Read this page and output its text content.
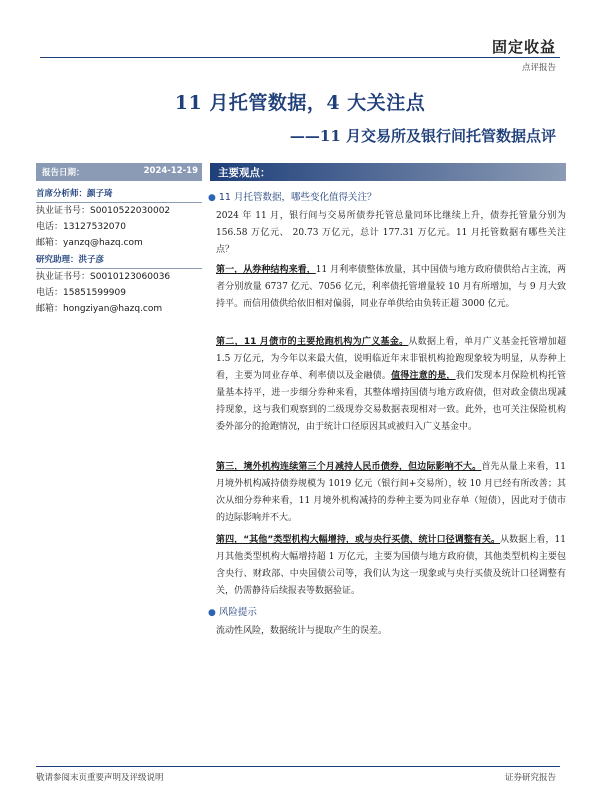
固定收益
点评报告
11 月托管数据，4 大关注点
——11 月交易所及银行间托管数据点评
报告日期：	2024-12-19
首席分析师：颜子琦
执业证书号：S0010522030002
电话：13127532070
邮箱：yanzq@hazq.com
研究助理：洪子彦
执业证书号：S0010123060036
电话：15851599909
邮箱：hongziyan@hazq.com
主要观点：
● 11 月托管数据，哪些变化值得关注？
2024 年 11 月，银行间与交易所债券托管总量同环比继续上升，债券托管量分别为 156.58 万亿元、 20.73 万亿元，总计 177.31 万亿元。11 月托管数据有哪些关注点？
第一，从券种结构来看，11 月利率债整体放量，其中国债与地方政府债供给占主流，两者分别放量 6737 亿元、7056 亿元，利率债托管增量较 10 月有所增加，与 9 月大致持平。而信用债供给依旧相对偏弱，同业存单供给由负转正超 3000 亿元。
第二，11 月债市的主要抢跑机构为广义基金。从数据上看，单月广义基金托管增加超 1.5 万亿元，为今年以来最大值，说明临近年末非银机构抢跑现象较为明显，从券种上看，主要为同业存单、利率债以及金融债。值得注意的是，我们发现本月保险机构托管量基本持平，进一步细分券种来看，其整体增持国债与地方政府债，但对政金债出现减持现象，这与我们观察到的二级现券交易数据表现相对一致。此外，也可关注保险机构委外部分的抢跑情况，由于统计口径原因其或被归入广义基金中。
第三，境外机构连续第三个月减持人民币债券，但边际影响不大。首先从量上来看，11 月境外机构减持债券规模为 1019 亿元（银行间+交易所），较 10 月已经有所改善；其次从细分券种来看，11 月境外机构减持的券种主要为同业存单（短债），因此对于债市的边际影响并不大。
第四，“其他”类型机构大幅增持，或与央行买债、统计口径调整有关。从数据上看，11 月其他类型机构大幅增持超 1 万亿元，主要为国债与地方政府债，其他类型机构主要包含央行、财政部、中央国债公司等，我们认为这一现象或与央行买债及统计口径调整有关，仍需静待后续报表等数据验证。
● 风险提示
流动性风险，数据统计与提取产生的误差。
敬请参阅末页重要声明及评级说明	证券研究报告
